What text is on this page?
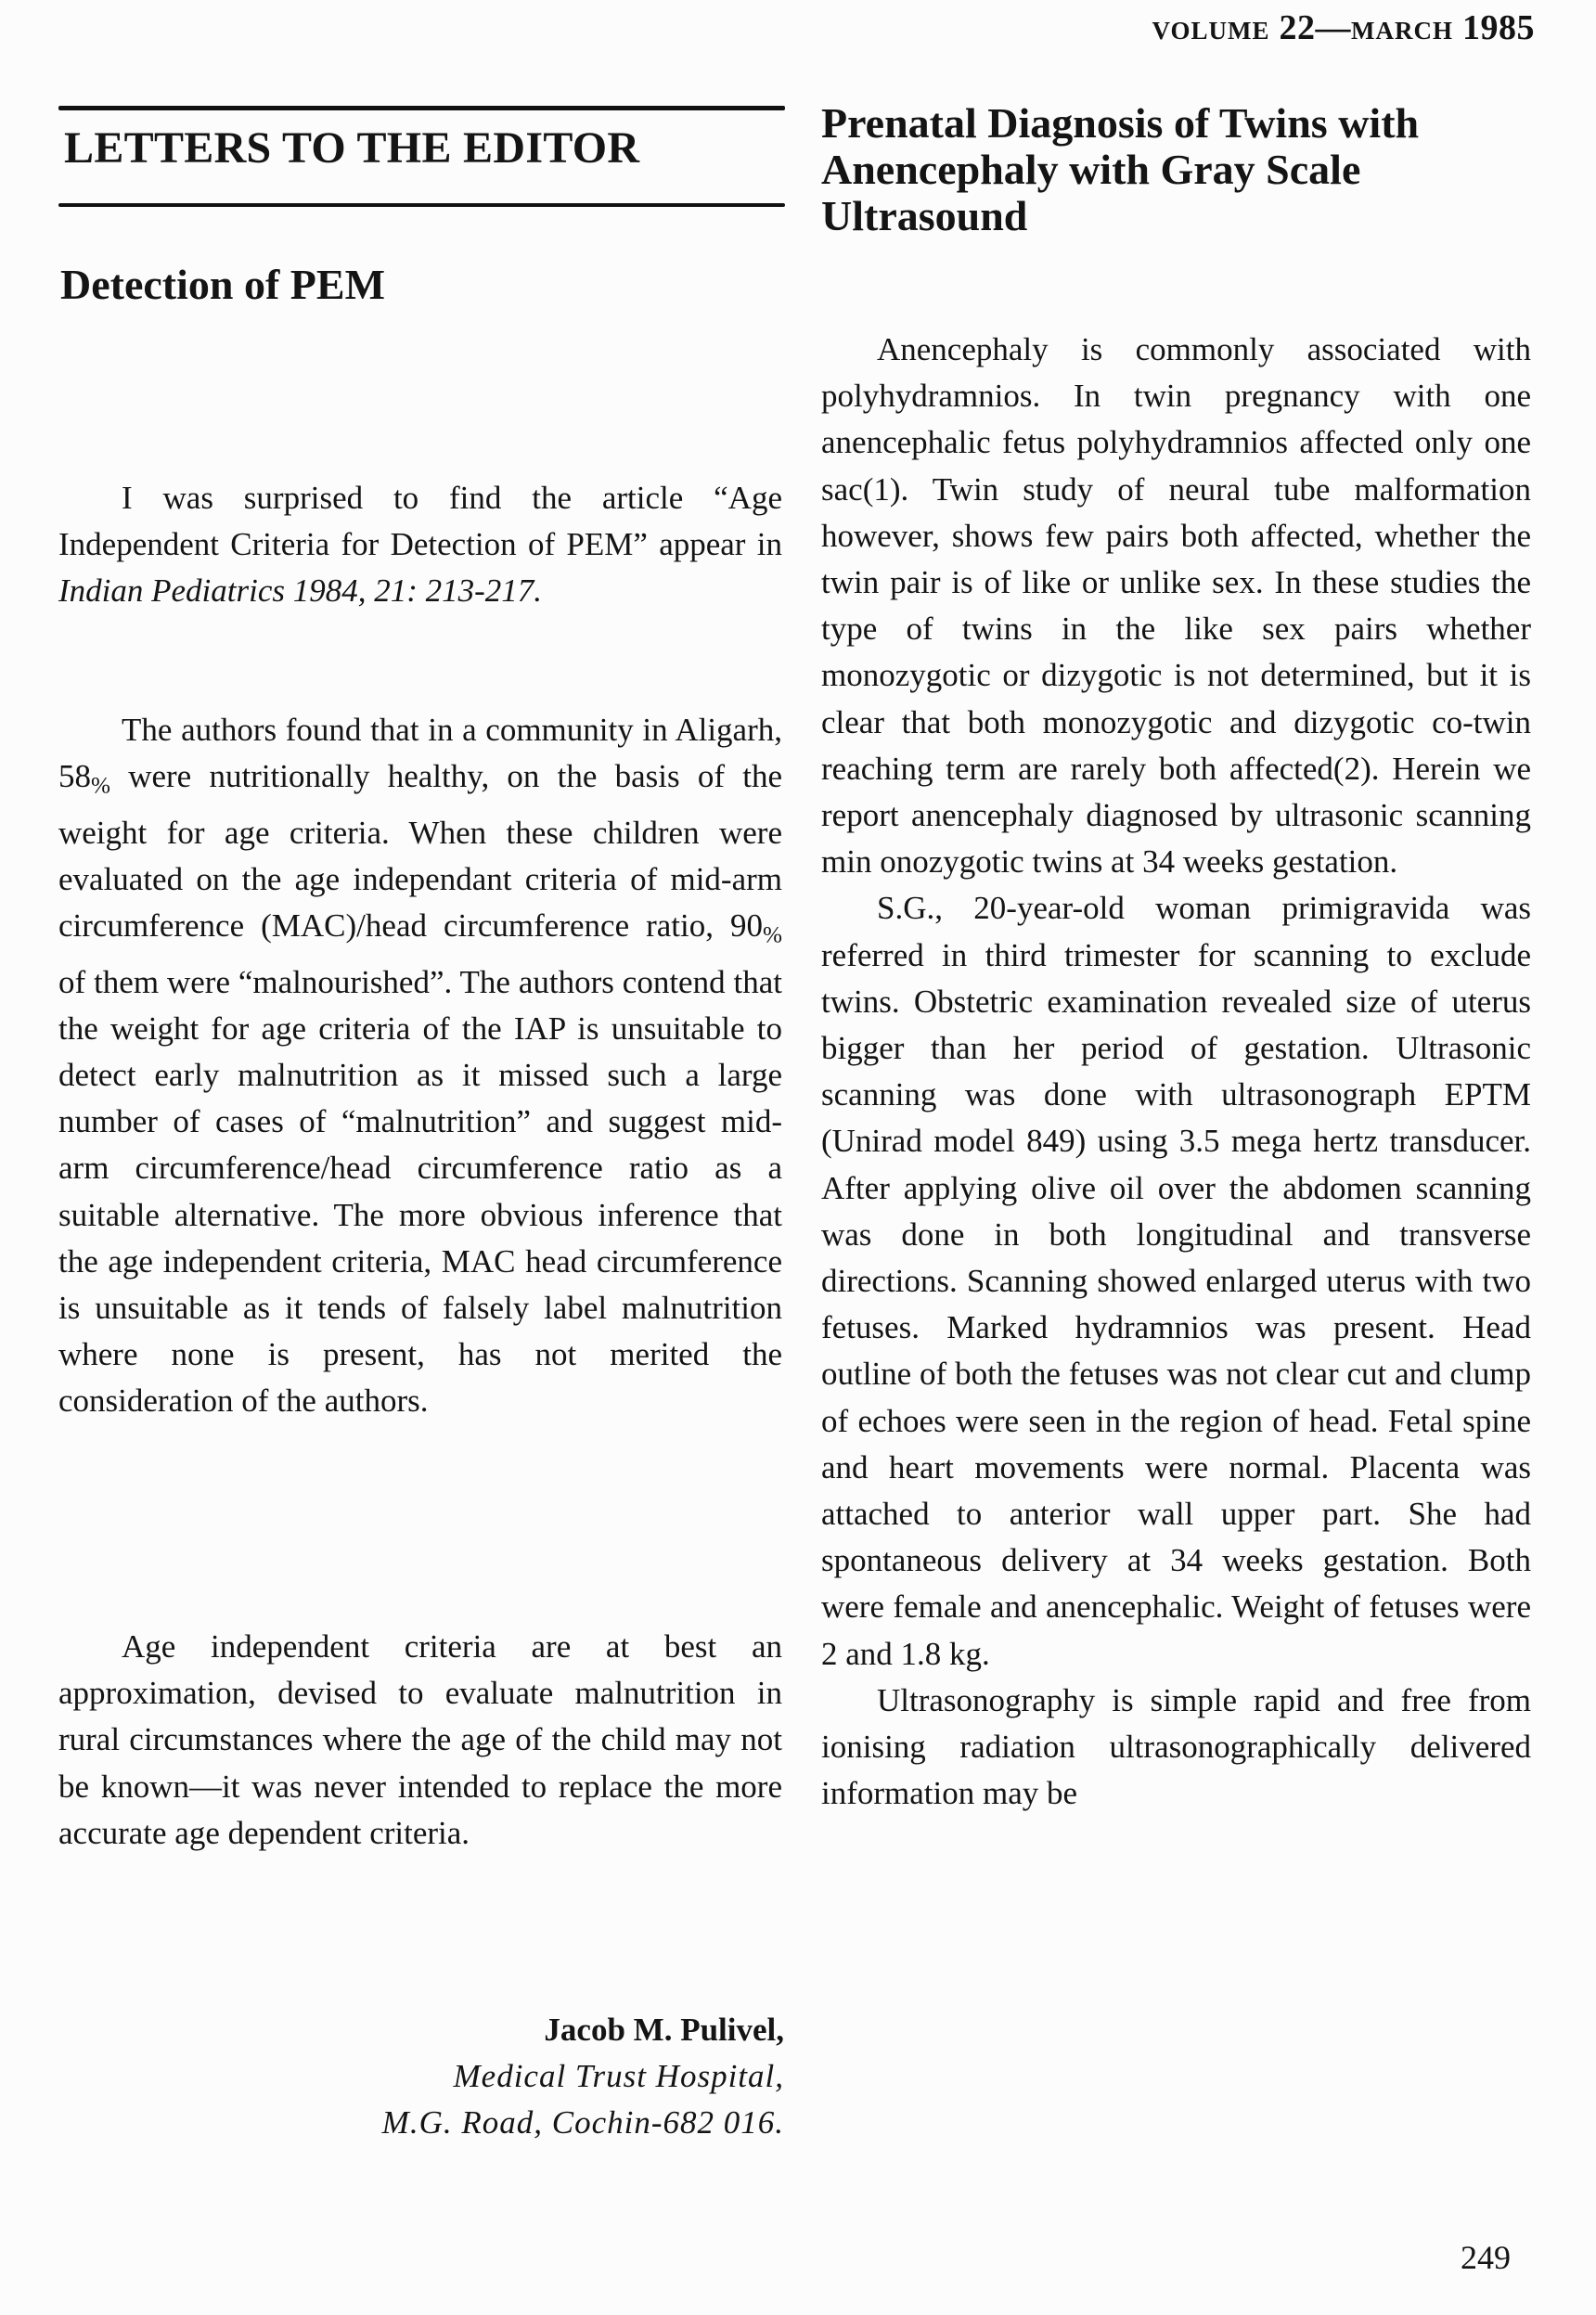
VOLUME 22—MARCH 1985
LETTERS TO THE EDITOR
Detection of PEM

I was surprised to find the article “Age Independent Criteria for Detection of PEM” appear in Indian Pediatrics 1984, 21: 213-217.

The authors found that in a community in Aligarh, 58% were nutritionally healthy, on the basis of the weight for age criteria. When these children were evaluated on the age independant criteria of mid-arm circumference (MAC)/head circumference ratio, 90% of them were “malnourished”. The authors contend that the weight for age criteria of the IAP is unsuitable to detect early malnutrition as it missed such a large number of cases of “malnutrition” and suggest mid-arm circumference/head circumference ratio as a suitable alternative. The more obvious inference that the age independent criteria, MAC head circumference is unsuitable as it tends of falsely label malnutrition where none is present, has not merited the consideration of the authors.

Age independent criteria are at best an approximation, devised to evaluate malnutrition in rural circumstances where the age of the child may not be known—it was never intended to replace the more accurate age dependent criteria.

Jacob M. Pulivel,
Medical Trust Hospital,
M.G. Road, Cochin-682 016.
Prenatal Diagnosis of Twins with Anencephaly with Gray Scale Ultrasound

Anencephaly is commonly associated with polyhydramnios. In twin pregnancy with one anencephalic fetus polyhydramnios affected only one sac(1). Twin study of neural tube malformation however, shows few pairs both affected, whether the twin pair is of like or unlike sex. In these studies the type of twins in the like sex pairs whether monozygotic or dizygotic is not determined, but it is clear that both monozygotic and dizygotic co-twin reaching term are rarely both affected(2). Herein we report anencephaly diagnosed by ultrasonic scanning min onozygotic twins at 34 weeks gestation.

S.G., 20-year-old woman primigravida was referred in third trimester for scanning to exclude twins. Obstetric examination revealed size of uterus bigger than her period of gestation. Ultrasonic scanning was done with ultrasonograph EPTM (Unirad model 849) using 3.5 mega hertz transducer. After applying olive oil over the abdomen scanning was done in both longitudinal and transverse directions. Scanning showed enlarged uterus with two fetuses. Marked hydramnios was present. Head outline of both the fetuses was not clear cut and clump of echoes were seen in the region of head. Fetal spine and heart movements were normal. Placenta was attached to anterior wall upper part. She had spontaneous delivery at 34 weeks gestation. Both were female and anencephalic. Weight of fetuses were 2 and 1.8 kg.

Ultrasonography is simple rapid and free from ionising radiation ultrasonographically delivered information may be

249
